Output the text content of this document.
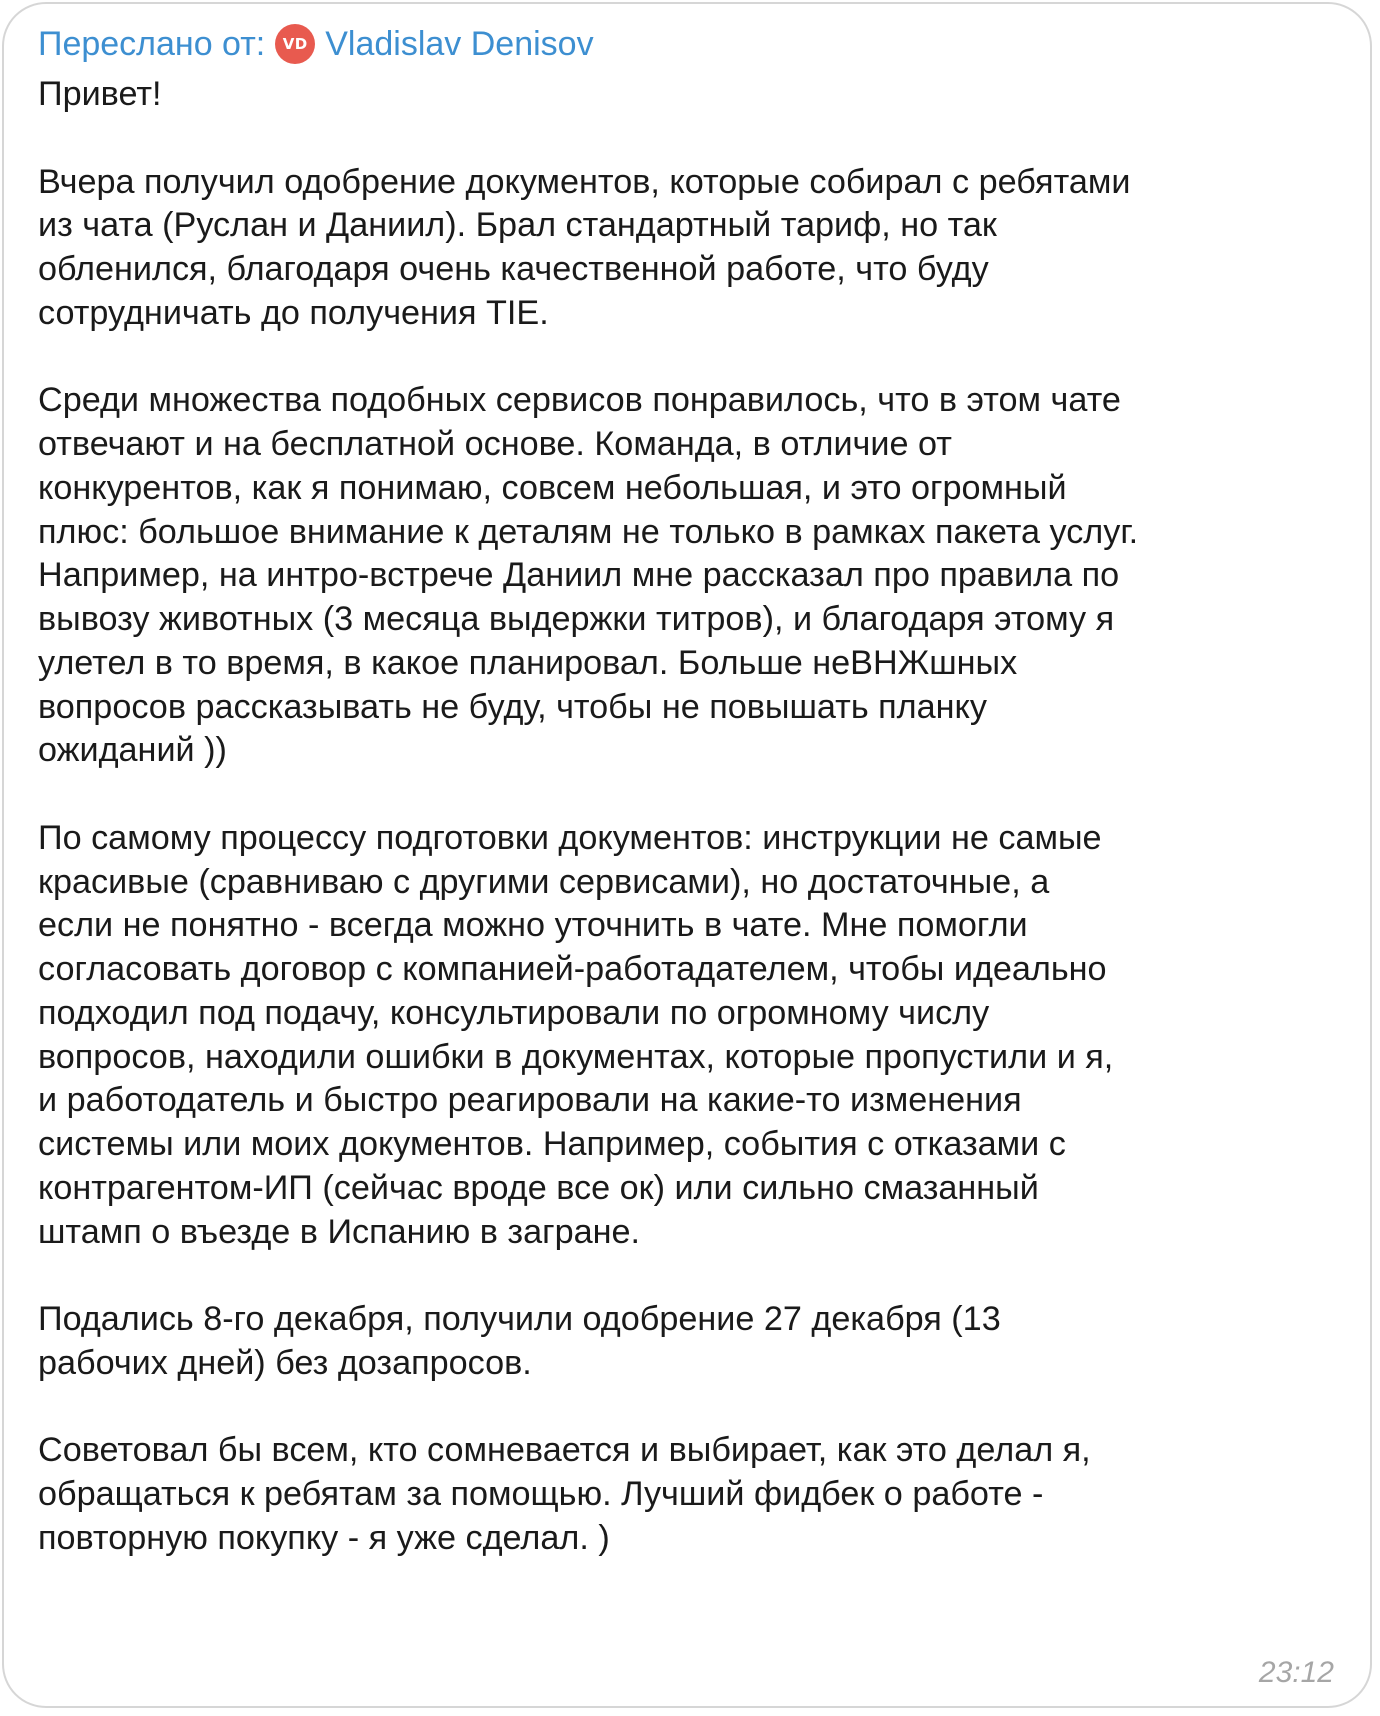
Переслано от:	VD Vladislav Denisov
Привет!
Вчера получил одобрение документов, которые собирал с ребятами
из чата (Руслан и Даниил). Брал стандартный тариф, но так
обленился, благодаря очень качественной работе, что буду
сотрудничать до получения TIE.
Среди множества подобных сервисов понравилось, что в этом чате
отвечают и на бесплатной основе. Команда, в отличие от
конкурентов, как я понимаю, совсем небольшая, и это огромный
плюс: большое внимание к деталям не только в рамках пакета услуг.
Например, на интро-встрече Даниил мне рассказал про правила по
вывозу животных (3 месяца выдержки титров), и благодаря этому я
улетел в то время, в какое планировал. Больше неВНЖшных
вопросов рассказывать не буду, чтобы не повышать планку
ожиданий ))
По самому процессу подготовки документов: инструкции не самые
красивые (сравниваю с другими сервисами), но достаточные, а
если не понятно - всегда можно уточнить в чате. Мне помогли
согласовать договор с компанией-работадателем, чтобы идеально
подходил под подачу, консультировали по огромному числу
вопросов, находили ошибки в документах, которые пропустили и я,
и работодатель и быстро реагировали на какие-то изменения
системы или моих документов. Например, события с отказами с
контрагентом-ИП (сейчас вроде все ок) или сильно смазанный
штамп о въезде в Испанию в загране.
Подались 8-го декабря, получили одобрение 27 декабря (13
рабочих дней) без дозапросов.
Советовал бы всем, кто сомневается и выбирает, как это делал я,
обращаться к ребятам за помощью. Лучший фидбек о работе -
повторную покупку - я уже сделал. )
23:12
